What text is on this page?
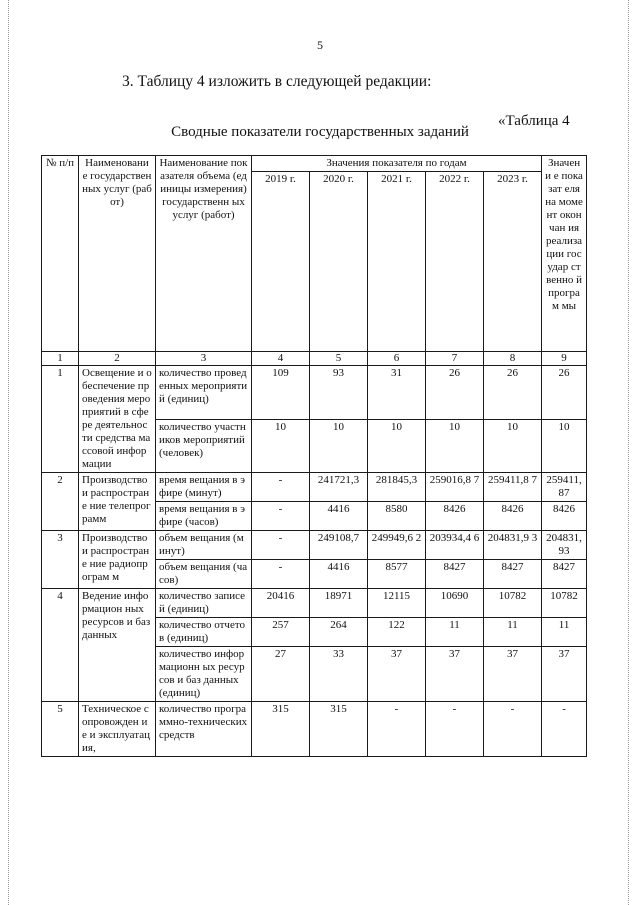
5
3. Таблицу 4 изложить в следующей редакции:
«Таблица 4
Сводные показатели государственных заданий
№ п/п	Наименовани е государствен ных услуг (работ)	Наименование показателя объема (единицы измерения) государственн ых услуг (работ)	Значения показателя по годам					Значени е показат еля на момент окончан ия реализа ции государ ственно й програм мы
			2019 г.	2020 г.	2021 г.	2022 г.	2023 г.	
1	2	3	4	5	6	7	8	9
1	Освещение и обеспечение проведения мероприятий в сфере деятельности средства массовой информации	количество проведенных мероприятий (единиц)	109	93	31	26	26	26
		количество участников мероприятий (человек)	10	10	10	10	10	10
2	Производство и распростране ние телепрограмм	время вещания в эфире (минут)	-	241721,3	281845,3	259016,8 7	259411,8 7	259411, 87
		время вещания в эфире (часов)	-	4416	8580	8426	8426	8426
3	Производство и распростране ние радиопрограм м	объем вещания (минут)	-	249108,7	249949,6 2	203934,4 6	204831,9 3	204831, 93
		объем вещания (часов)	-	4416	8577	8427	8427	8427
4	Ведение информацион ных ресурсов и баз данных	количество записей (единиц)	20416	18971	12115	10690	10782	10782
		количество отчетов (единиц)	257	264	122	11	11	11
		количество информационн ых ресурсов и баз данных (единиц)	27	33	37	37	37	37
5	Техническое сопровожден ие и эксплуатация,	количество программно-технических средств	315	315	-	-	-	-
